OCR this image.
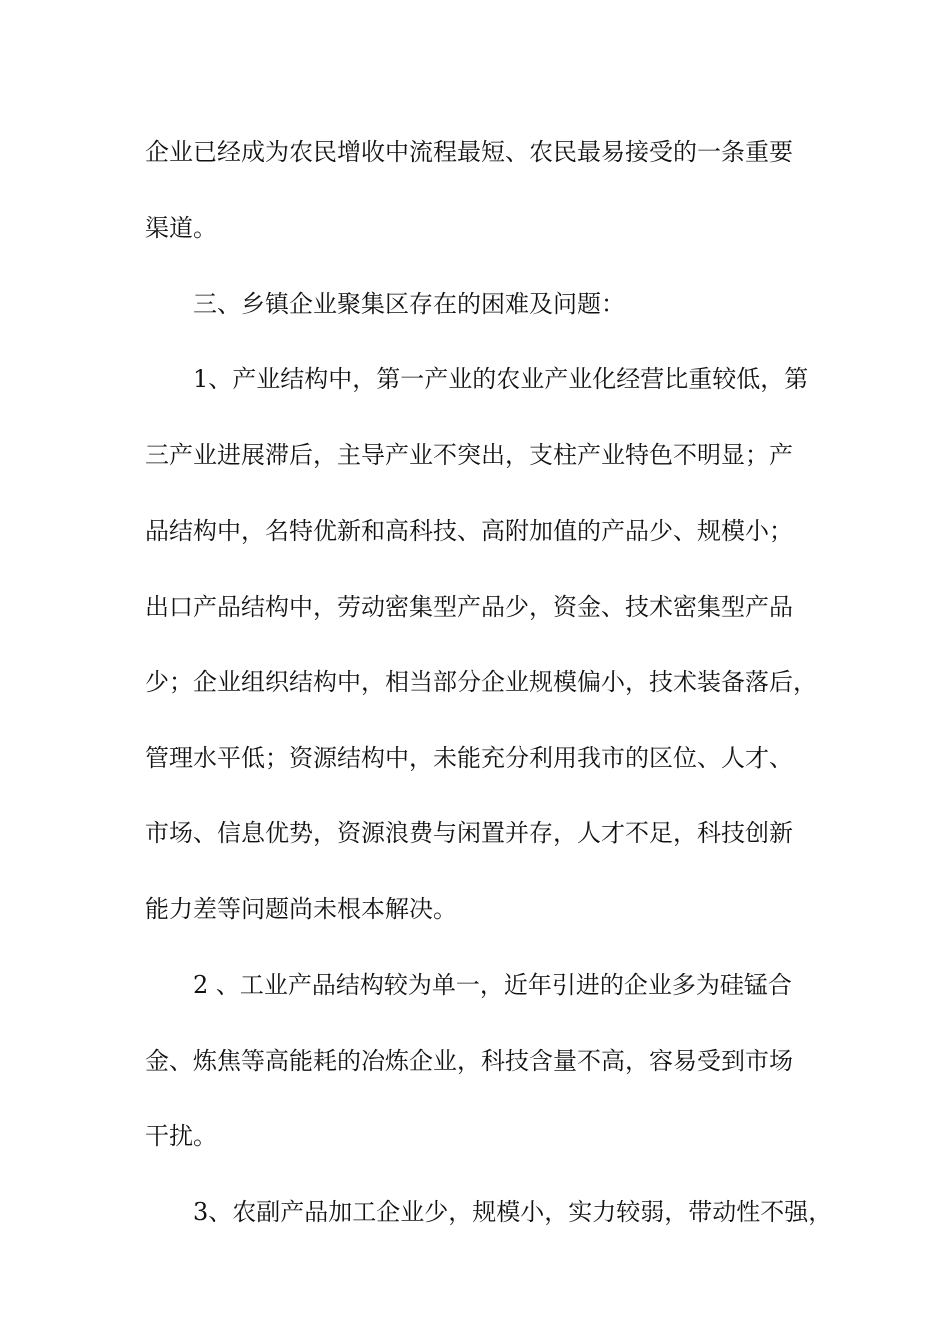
企业已经成为农民增收中流程最短、农民最易接受的一条重要
渠道。
三、乡镇企业聚集区存在的困难及问题：
1、产业结构中，第一产业的农业产业化经营比重较低，第
三产业进展滞后，主导产业不突出，支柱产业特色不明显；产
品结构中，名特优新和高科技、高附加值的产品少、规模小；
出口产品结构中，劳动密集型产品少，资金、技术密集型产品
少；企业组织结构中，相当部分企业规模偏小，技术装备落后，
管理水平低；资源结构中，未能充分利用我市的区位、人才、
市场、信息优势，资源浪费与闲置并存，人才不足，科技创新
能力差等问题尚未根本解决。
2 、工业产品结构较为单一，近年引进的企业多为硅锰合
金、炼焦等高能耗的冶炼企业，科技含量不高，容易受到市场
干扰。
3、农副产品加工企业少，规模小，实力较弱，带动性不强，
